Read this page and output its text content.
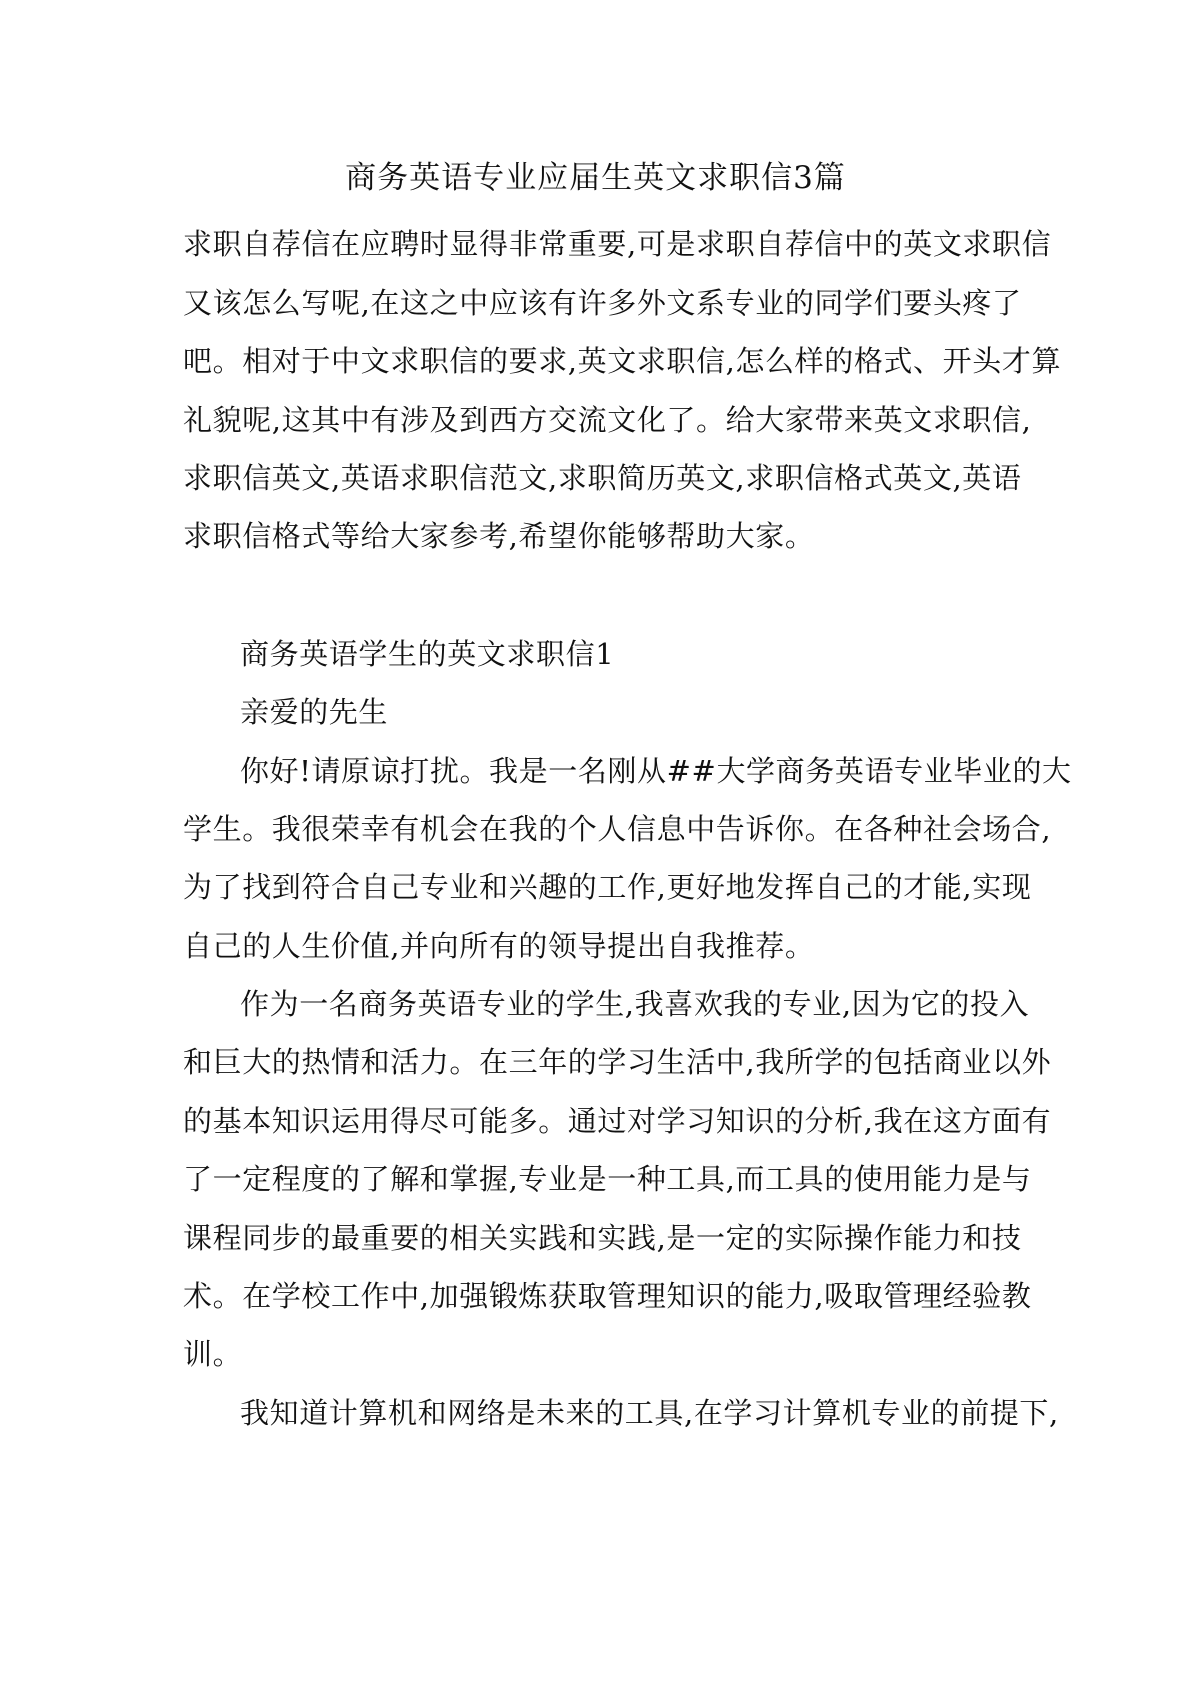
商务英语专业应届生英文求职信3篇
求职自荐信在应聘时显得非常重要,可是求职自荐信中的英文求职信
又该怎么写呢,在这之中应该有许多外文系专业的同学们要头疼了
吧。相对于中文求职信的要求,英文求职信,怎么样的格式、开头才算
礼貌呢,这其中有涉及到西方交流文化了。给大家带来英文求职信,
求职信英文,英语求职信范文,求职简历英文,求职信格式英文,英语
求职信格式等给大家参考,希望你能够帮助大家。
商务英语学生的英文求职信1
亲爱的先生
你好!请原谅打扰。我是一名刚从##大学商务英语专业毕业的大
学生。我很荣幸有机会在我的个人信息中告诉你。在各种社会场合,
为了找到符合自己专业和兴趣的工作,更好地发挥自己的才能,实现
自己的人生价值,并向所有的领导提出自我推荐。
作为一名商务英语专业的学生,我喜欢我的专业,因为它的投入
和巨大的热情和活力。在三年的学习生活中,我所学的包括商业以外
的基本知识运用得尽可能多。通过对学习知识的分析,我在这方面有
了一定程度的了解和掌握,专业是一种工具,而工具的使用能力是与
课程同步的最重要的相关实践和实践,是一定的实际操作能力和技
术。在学校工作中,加强锻炼获取管理知识的能力,吸取管理经验教
训。
我知道计算机和网络是未来的工具,在学习计算机专业的前提下,
